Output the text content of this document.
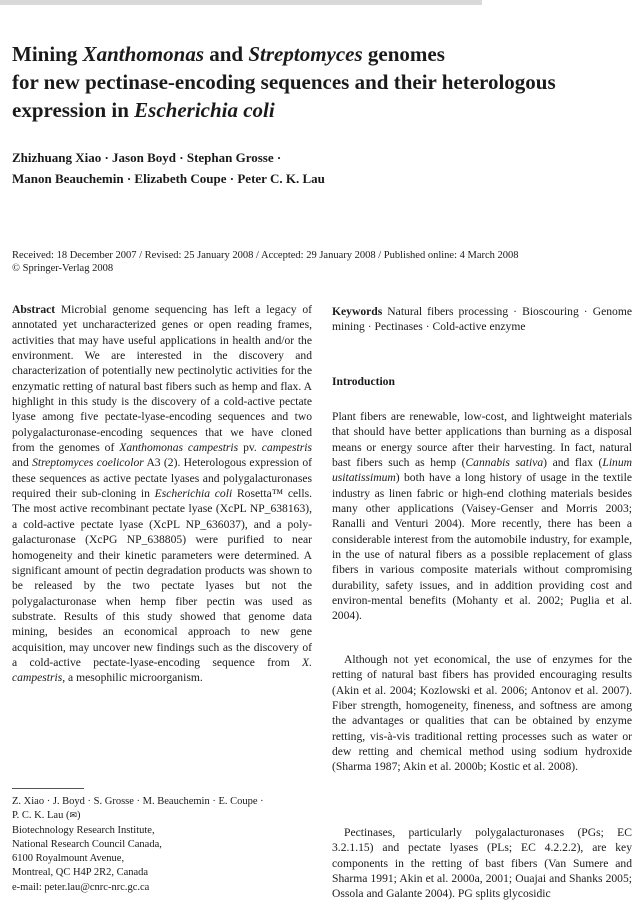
Mining Xanthomonas and Streptomyces genomes
for new pectinase-encoding sequences and their heterologous
expression in Escherichia coli

Zhizhuang Xiao · Jason Boyd · Stephan Grosse ·
Manon Beauchemin · Elizabeth Coupe · Peter C. K. Lau

Received: 18 December 2007 / Revised: 25 January 2008 / Accepted: 29 January 2008 / Published online: 4 March 2008
© Springer-Verlag 2008

Abstract Microbial genome sequencing has left a legacy of annotated yet uncharacterized genes or open reading frames, activities that may have useful applications in health and/or the environment. We are interested in the discovery and characterization of potentially new pectinolytic activities for the enzymatic retting of natural bast fibers such as hemp and flax. A highlight in this study is the discovery of a cold-active pectate lyase among five pectate-lyase-encoding sequences and two polygalacturonase-encoding sequences that we have cloned from the genomes of Xanthomonas campestris pv. campestris and Streptomyces coelicolor A3 (2). Heterologous expression of these sequences as active pectate lyases and polygalacturonases required their sub-cloning in Escherichia coli Rosetta™ cells. The most active recombinant pectate lyase (XcPL NP_638163), a cold-active pectate lyase (XcPL NP_636037), and a poly-galacturonase (XcPG NP_638805) were purified to near homogeneity and their kinetic parameters were determined. A significant amount of pectin degradation products was shown to be released by the two pectate lyases but not the polygalacturonase when hemp fiber pectin was used as substrate. Results of this study showed that genome data mining, besides an economical approach to new gene acquisition, may uncover new findings such as the discovery of a cold-active pectate-lyase-encoding sequence from X. campestris, a mesophilic microorganism.

Keywords Natural fibers processing · Bioscouring · Genome mining · Pectinases · Cold-active enzyme

Introduction

Plant fibers are renewable, low-cost, and lightweight materials that should have better applications than burning as a disposal means or energy source after their harvesting. In fact, natural bast fibers such as hemp (Cannabis sativa) and flax (Linum usitatissimum) both have a long history of usage in the textile industry as linen fabric or high-end clothing materials besides many other applications (Vaisey-Genser and Morris 2003; Ranalli and Venturi 2004). More recently, there has been a considerable interest from the automobile industry, for example, in the use of natural fibers as a possible replacement of glass fibers in various composite materials without compromising durability, safety issues, and in addition providing cost and environ-mental benefits (Mohanty et al. 2002; Puglia et al. 2004).

Although not yet economical, the use of enzymes for the retting of natural bast fibers has provided encouraging results (Akin et al. 2004; Kozlowski et al. 2006; Antonov et al. 2007). Fiber strength, homogeneity, fineness, and softness are among the advantages or qualities that can be obtained by enzyme retting, vis-à-vis traditional retting processes such as water or dew retting and chemical method using sodium hydroxide (Sharma 1987; Akin et al. 2000b; Kostic et al. 2008).

Pectinases, particularly polygalacturonases (PGs; EC 3.2.1.15) and pectate lyases (PLs; EC 4.2.2.2), are key components in the retting of bast fibers (Van Sumere and Sharma 1991; Akin et al. 2000a, 2001; Ouajai and Shanks 2005; Ossola and Galante 2004). PG splits glycosidic

Z. Xiao · J. Boyd · S. Grosse · M. Beauchemin · E. Coupe ·
P. C. K. Lau (✉)
Biotechnology Research Institute,
National Research Council Canada,
6100 Royalmount Avenue,
Montreal, QC H4P 2R2, Canada
e-mail: peter.lau@cnrc-nrc.gc.ca
